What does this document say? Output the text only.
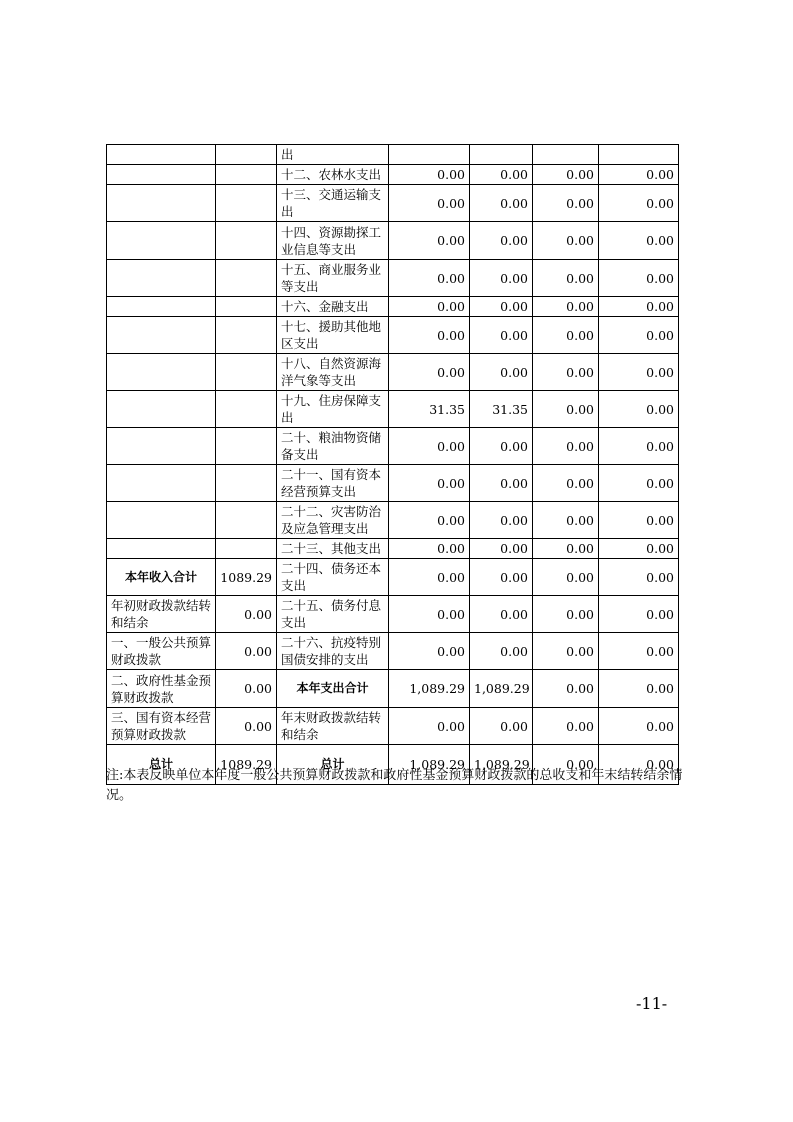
		出				
		十二、农林水支出	0.00	0.00	0.00	0.00
		十三、交通运输支出	0.00	0.00	0.00	0.00
		十四、资源勘探工业信息等支出	0.00	0.00	0.00	0.00
		十五、商业服务业等支出	0.00	0.00	0.00	0.00
		十六、金融支出	0.00	0.00	0.00	0.00
		十七、援助其他地区支出	0.00	0.00	0.00	0.00
		十八、自然资源海洋气象等支出	0.00	0.00	0.00	0.00
		十九、住房保障支出	31.35	31.35	0.00	0.00
		二十、粮油物资储备支出	0.00	0.00	0.00	0.00
		二十一、国有资本经营预算支出	0.00	0.00	0.00	0.00
		二十二、灾害防治及应急管理支出	0.00	0.00	0.00	0.00
		二十三、其他支出	0.00	0.00	0.00	0.00
本年收入合计	1089.29	二十四、债务还本支出	0.00	0.00	0.00	0.00
年初财政拨款结转和结余	0.00	二十五、债务付息支出	0.00	0.00	0.00	0.00
一、一般公共预算财政拨款	0.00	二十六、抗疫特别国债安排的支出	0.00	0.00	0.00	0.00
二、政府性基金预算财政拨款	0.00	本年支出合计	1,089.29	1,089.29	0.00	0.00
三、国有资本经营预算财政拨款	0.00	年末财政拨款结转和结余	0.00	0.00	0.00	0.00
总计	1089.29	总计	1,089.29	1,089.29	0.00	0.00
注:本表反映单位本年度一般公共预算财政拨款和政府性基金预算财政拨款的总收支和年末结转结余情况。
-11-
